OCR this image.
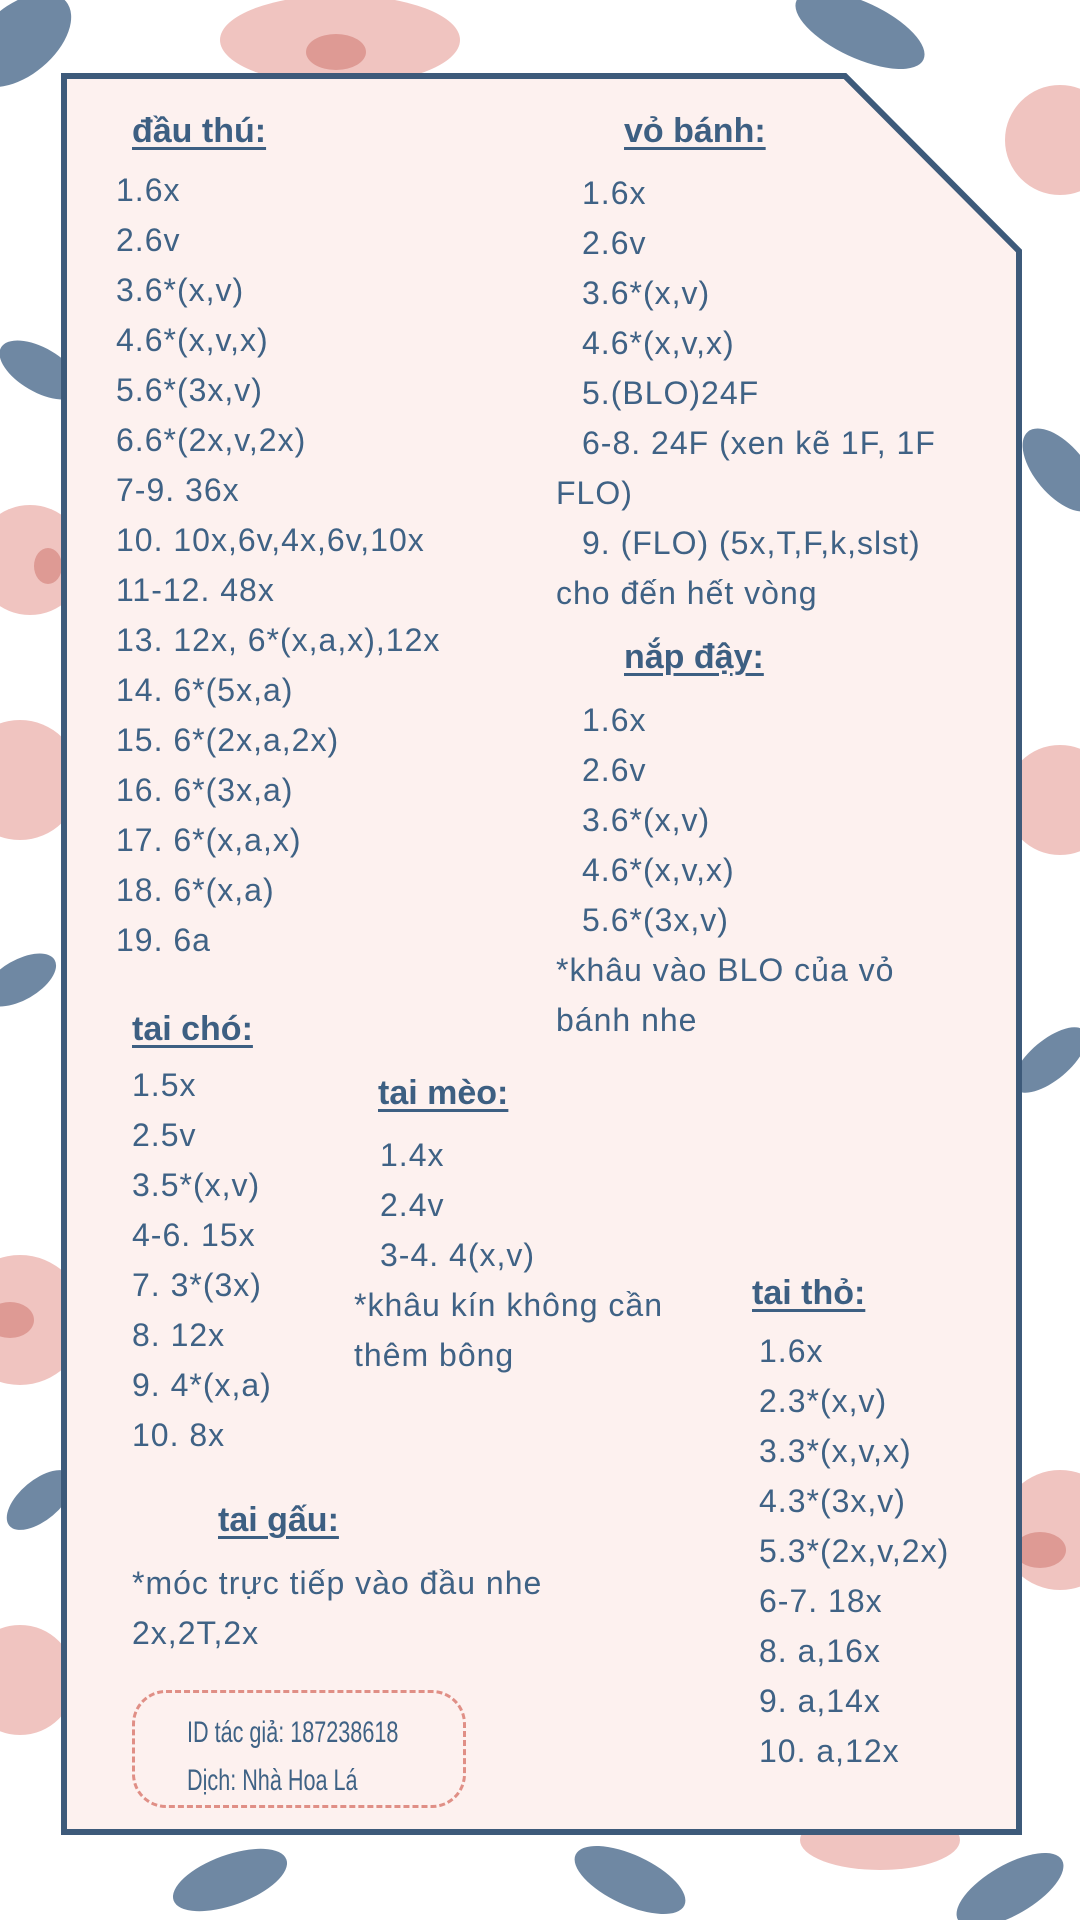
đầu thú:
1.6x
2.6v
3.6*(x,v)
4.6*(x,v,x)
5.6*(3x,v)
6.6*(2x,v,2x)
7-9. 36x
10. 10x,6v,4x,6v,10x
11-12. 48x
13. 12x, 6*(x,a,x),12x
14. 6*(5x,a)
15. 6*(2x,a,2x)
16. 6*(3x,a)
17. 6*(x,a,x)
18. 6*(x,a)
19. 6a
vỏ bánh:
1.6x
2.6v
3.6*(x,v)
4.6*(x,v,x)
5.(BLO)24F
6-8. 24F (xen kẽ 1F, 1F
FLO)
9. (FLO) (5x,T,F,k,slst)
cho đến hết vòng
nắp đậy:
1.6x
2.6v
3.6*(x,v)
4.6*(x,v,x)
5.6*(3x,v)
*khâu vào BLO của vỏ
bánh nhe
tai chó:
1.5x
2.5v
3.5*(x,v)
4-6. 15x
7. 3*(3x)
8. 12x
9. 4*(x,a)
10. 8x
tai mèo:
1.4x
2.4v
3-4. 4(x,v)
*khâu kín không cần
thêm bông
tai thỏ:
1.6x
2.3*(x,v)
3.3*(x,v,x)
4.3*(3x,v)
5.3*(2x,v,2x)
6-7. 18x
8. a,16x
9. a,14x
10. a,12x
tai gấu:
*móc trực tiếp vào đầu nhe
2x,2T,2x
ID tác giả: 187238618
Dịch: Nhà Hoa Lá
